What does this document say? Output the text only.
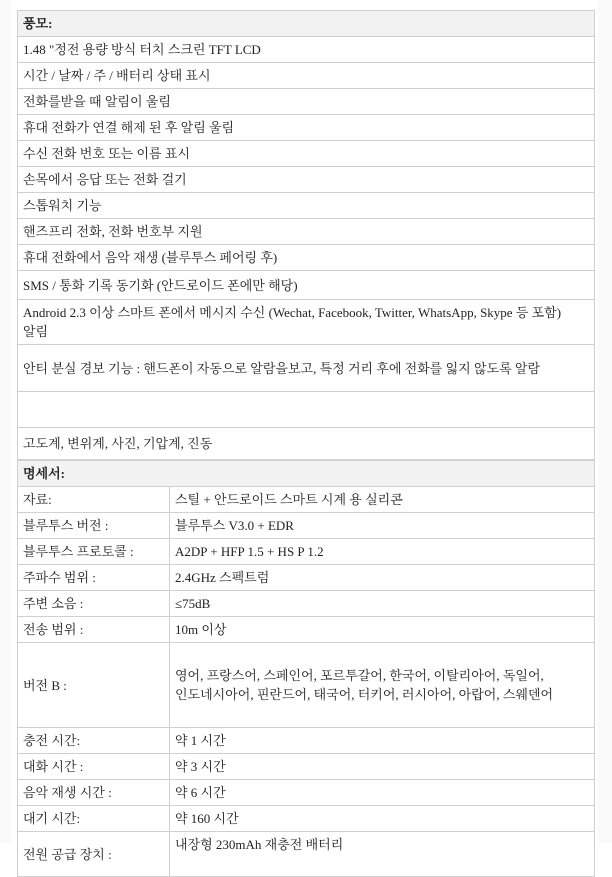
풍모:	
1.48 "정전 용량 방식 터치 스크린 TFT LCD	
시간 / 날짜 / 주 / 배터리 상태 표시	
전화를받을 때 알림이 울림	
휴대 전화가 연결 해제 된 후 알림 울림	
수신 전화 번호 또는 이름 표시	
손목에서 응답 또는 전화 걸기	
스톱워치 기능	
핸즈프리 전화, 전화 번호부 지원	
휴대 전화에서 음악 재생 (블루투스 페어링 후)	
SMS / 통화 기록 동기화 (안드로이드 폰에만 해당)	
Android 2.3 이상 스마트 폰에서 메시지 수신 (Wechat, Facebook, Twitter, WhatsApp, Skype 등 포함) 알림	
안티 분실 경보 기능 : 핸드폰이 자동으로 알람을보고, 특정 거리 후에 전화를 잃지 않도록 알람	

고도계, 변위계, 사진, 기압계, 진동	
명세서:	
자료:	스틸 + 안드로이드 스마트 시계 용 실리콘
블루투스 버전 :	블루투스 V3.0 + EDR
블루투스 프로토콜 :	A2DP + HFP 1.5 + HS P 1.2
주파수 범위 :	2.4GHz 스펙트럼
주변 소음 :	≤75dB
전송 범위 :	10m 이상
버전 B :	영어, 프랑스어, 스페인어, 포르투갈어, 한국어, 이탈리아어, 독일어, 인도네시아어, 핀란드어, 태국어, 터키어, 러시아어, 아랍어, 스웨덴어
충전 시간:	약 1 시간
대화 시간 :	약 3 시간
음악 재생 시간 :	약 6 시간
대기 시간:	약 160 시간
전원 공급 장치 :	내장형 230mAh 재충전 배터리
